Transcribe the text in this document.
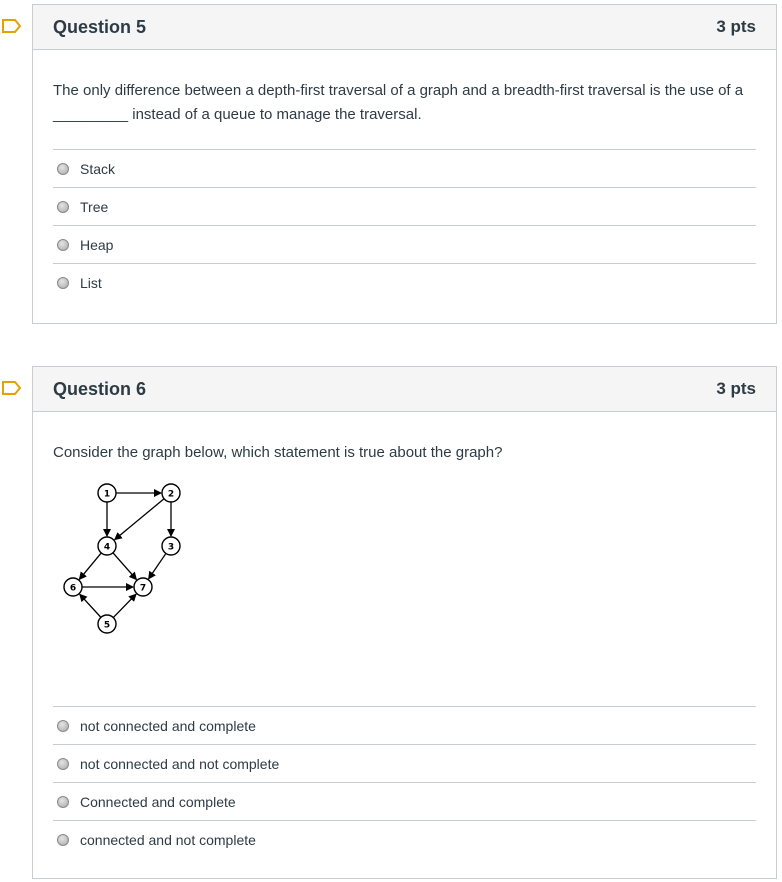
Question 5	3 pts

The only difference between a depth-first traversal of a graph and a breadth-first traversal is the use of a _________ instead of a queue to manage the traversal.

Stack
Tree
Heap
List
Question 6	3 pts

Consider the graph below, which statement is true about the graph?

1	2
3
4
5
6	7
not connected and complete
not connected and not complete
Connected and complete
connected and not complete
